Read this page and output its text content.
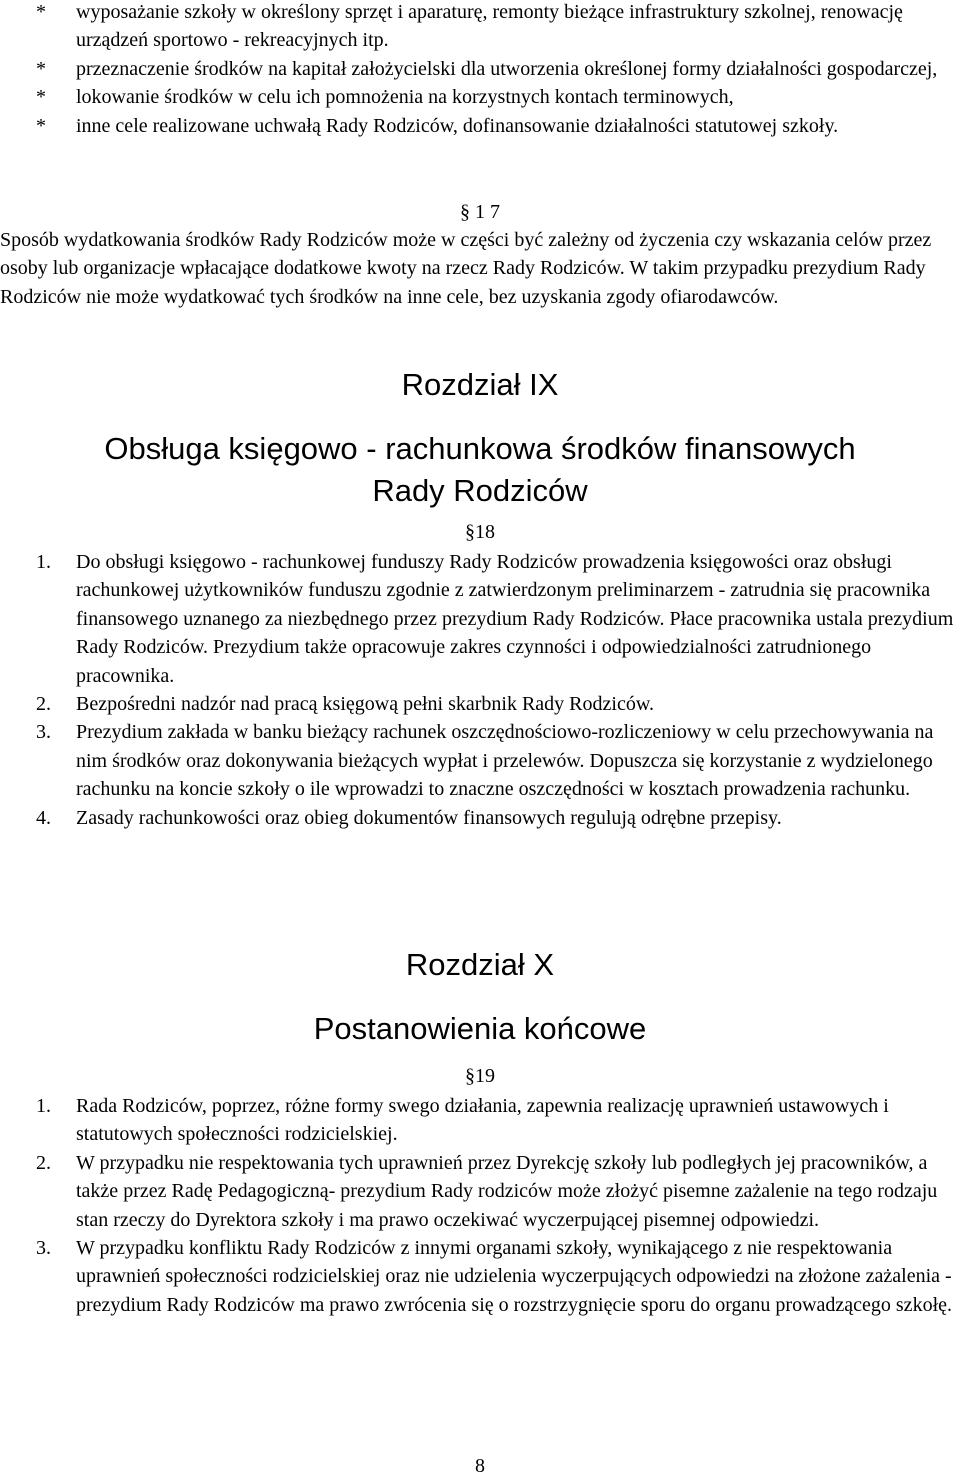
*	wyposażanie szkoły w określony sprzęt i aparaturę, remonty bieżące infrastruktury szkolnej, renowację urządzeń sportowo - rekreacyjnych itp.
*	przeznaczenie środków na kapitał założycielski dla utworzenia określonej formy działalności gospodarczej,
*	lokowanie środków w celu ich pomnożenia na korzystnych kontach terminowych,
*	inne cele realizowane uchwałą Rady Rodziców, dofinansowanie działalności statutowej szkoły.
§ 1 7
Sposób wydatkowania środków Rady Rodziców może w części być zależny od życzenia czy wskazania celów przez osoby lub organizacje wpłacające dodatkowe kwoty na rzecz Rady Rodziców. W takim przypadku prezydium Rady Rodziców nie może wydatkować tych środków na inne cele, bez uzyskania zgody ofiarodawców.
Rozdział IX
Obsługa księgowo - rachunkowa środków finansowych
Rady Rodziców
§18
1.	Do obsługi księgowo - rachunkowej funduszy Rady Rodziców prowadzenia księgowości oraz obsługi rachunkowej użytkowników funduszu zgodnie z zatwierdzonym preliminarzem - zatrudnia się pracownika finansowego uznanego za niezbędnego przez prezydium Rady Rodziców. Płace pracownika ustala prezydium Rady Rodziców. Prezydium także opracowuje zakres czynności i odpowiedzialności zatrudnionego pracownika.
2.	Bezpośredni nadzór nad pracą księgową pełni skarbnik Rady Rodziców.
3.	Prezydium zakłada w banku bieżący rachunek oszczędnościowo-rozliczeniowy w celu przechowywania na nim środków oraz dokonywania bieżących wypłat i przelewów. Dopuszcza się korzystanie z wydzielonego rachunku na koncie szkoły o ile wprowadzi to znaczne oszczędności w kosztach prowadzenia rachunku.
4.	Zasady rachunkowości oraz obieg dokumentów finansowych regulują odrębne przepisy.
Rozdział X
Postanowienia końcowe
§19
1.	Rada Rodziców, poprzez, różne formy swego działania, zapewnia realizację uprawnień ustawowych i statutowych społeczności rodzicielskiej.
2.	W przypadku nie respektowania tych uprawnień przez Dyrekcję szkoły lub podległych jej pracowników, a także przez Radę Pedagogiczną- prezydium Rady rodziców może złożyć pisemne zażalenie na tego rodzaju stan rzeczy do Dyrektora szkoły i ma prawo oczekiwać wyczerpującej pisemnej odpowiedzi.
3.	W przypadku konfliktu Rady Rodziców z innymi organami szkoły, wynikającego z nie respektowania uprawnień społeczności rodzicielskiej oraz nie udzielenia wyczerpujących odpowiedzi na złożone zażalenia - prezydium Rady Rodziców ma prawo zwrócenia się o rozstrzygnięcie sporu do organu prowadzącego szkołę.
8
